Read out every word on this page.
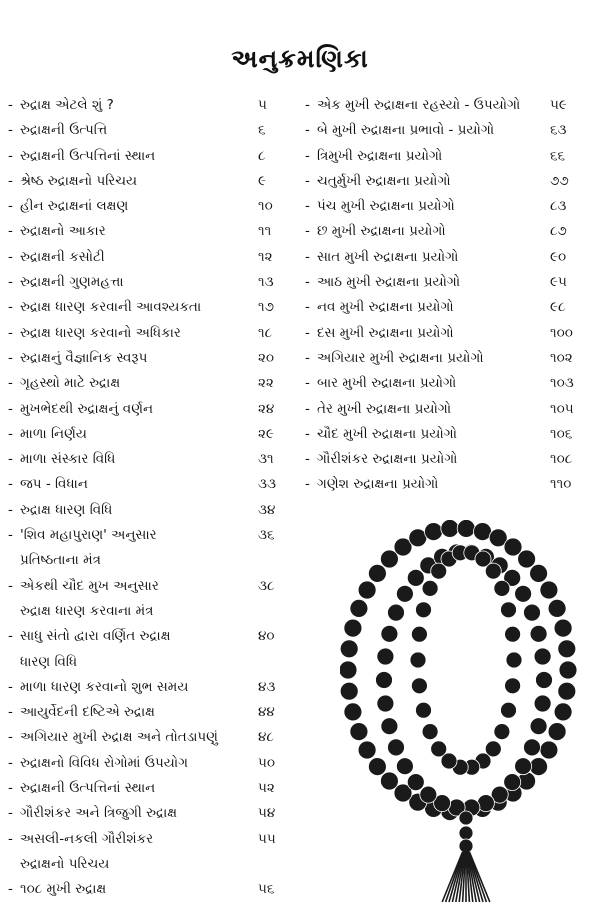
અનુક્રમણિકા
- રુદ્રાક્ષ એટલે શું ?	૫
- રુદ્રાક્ષની ઉત્પત્તિ	૬
- રુદ્રાક્ષની ઉત્પત્તિનાં સ્થાન	૮
- શ્રેષ્ઠ રુદ્રાક્ષનો પરિચય	૯
- હીન રુદ્રાક્ષનાં લક્ષણ	૧૦
- રુદ્રાક્ષનો આકાર	૧૧
- રુદ્રાક્ષની કસોટી	૧૨
- રુદ્રાક્ષની ગુણમહત્તા	૧૩
- રુદ્રાક્ષ ધારણ કરવાની આવશ્યકતા	૧૭
- રુદ્રાક્ષ ધારણ કરવાનો અધિકાર	૧૮
- રુદ્રાક્ષનું વૈજ્ઞાનિક સ્વરૂપ	૨૦
- ગૃહસ્થો માટે રુદ્રાક્ષ	૨૨
- મુખભેદથી રુદ્રાક્ષનું વર્ણન	૨૪
- માળા નિર્ણય	૨૯
- માળા સંસ્કાર વિધિ	૩૧
- જપ - વિધાન	૩૩
- રુદ્રાક્ષ ધારણ વિધિ	૩૪
- 'શિવ મહાપુરાણ' અનુસાર
પ્રતિષ્ઠતાના મંત્ર
૩૬
- એકથી ચૌદ મુખ અનુસાર
રુદ્રાક્ષ ધારણ કરવાના મંત્ર
૩૮
- સાધુ સંતો દ્વારા વર્ણિત રુદ્રાક્ષ
ધારણ વિધિ
૪૦
- માળા ધારણ કરવાનો શુભ સમય	૪૩
- આયુર્વેદની દષ્ટિએ રુદ્રાક્ષ	૪૪
- અગિયાર મુખી રુદ્રાક્ષ અને તોતડાપણું	૪૮
- રુદ્રાક્ષનો વિવિધ રોગોમાં ઉપયોગ	૫૦
- રુદ્રાક્ષની ઉત્પત્તિનાં સ્થાન	૫૨
- ગૌરીશંકર અને ત્રિજુગી રુદ્રાક્ષ	૫૪
- અસલી-નકલી ગૌરીશંકર
રુદ્રાક્ષનો પરિચય
૫૫
- ૧૦૮ મુખી રુદ્રાક્ષ	૫૬
- એક મુખી રુદ્રાક્ષના રહસ્યો - ઉપયોગો	૫૯
- બે મુખી રુદ્રાક્ષના પ્રભાવો - પ્રયોગો	૬૩
- ત્રિમુખી રુદ્રાક્ષના પ્રયોગો	૬૬
- ચતુર્મુખી રુદ્રાક્ષના પ્રયોગો	૭૭
- પંચ મુખી રુદ્રાક્ષના પ્રયોગો	૮૩
- છ મુખી રુદ્રાક્ષના પ્રયોગો	૮૭
- સાત મુખી રુદ્રાક્ષના પ્રયોગો	૯૦
- આઠ મુખી રુદ્રાક્ષના પ્રયોગો	૯૫
- નવ મુખી રુદ્રાક્ષના પ્રયોગો	૯૮
- દસ મુખી રુદ્રાક્ષના પ્રયોગો	૧૦૦
- અગિયાર મુખી રુદ્રાક્ષના પ્રયોગો	૧૦૨
- બાર મુખી રુદ્રાક્ષના પ્રયોગો	૧૦૩
- તેર મુખી રુદ્રાક્ષના પ્રયોગો	૧૦૫
- ચૌદ મુખી રુદ્રાક્ષના પ્રયોગો	૧૦૬
- ગૌરીશંકર રુદ્રાક્ષના પ્રયોગો	૧૦૮
- ગણેશ રુદ્રાક્ષના પ્રયોગો	૧૧૦
